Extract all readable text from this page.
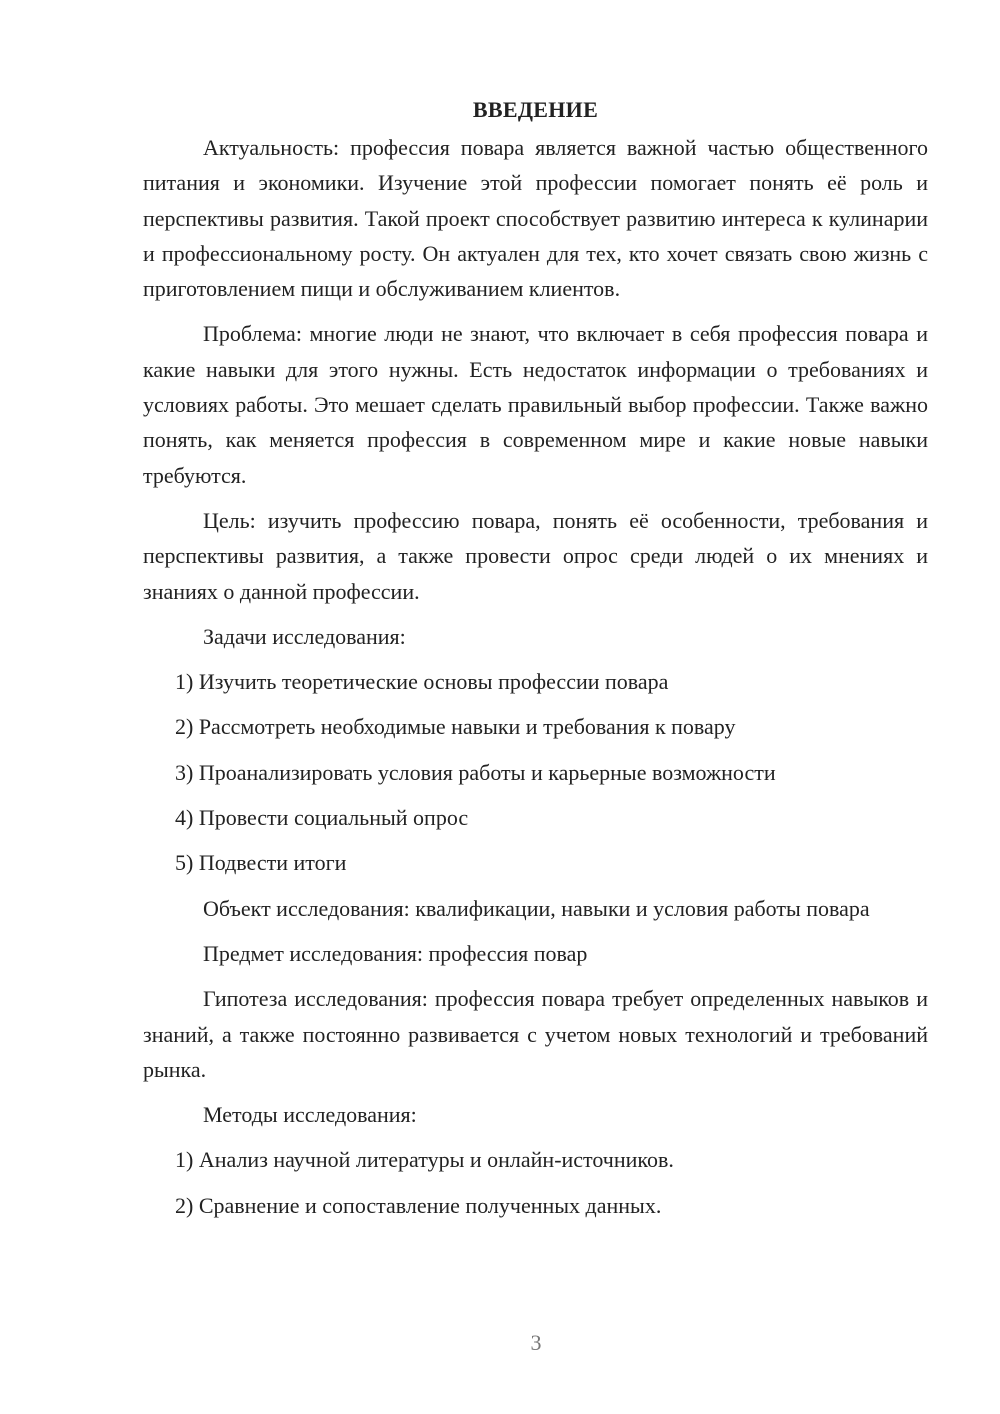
ВВЕДЕНИЕ

Актуальность: профессия повара является важной частью общественного питания и экономики. Изучение этой профессии помогает понять её роль и перспективы развития. Такой проект способствует развитию интереса к кулинарии и профессиональному росту. Он актуален для тех, кто хочет связать свою жизнь с приготовлением пищи и обслуживанием клиентов.

Проблема: многие люди не знают, что включает в себя профессия повара и какие навыки для этого нужны. Есть недостаток информации о требованиях и условиях работы. Это мешает сделать правильный выбор профессии. Также важно понять, как меняется профессия в современном мире и какие новые навыки требуются.

Цель: изучить профессию повара, понять её особенности, требования и перспективы развития, а также провести опрос среди людей о их мнениях и знаниях о данной профессии.

Задачи исследования:

1) Изучить теоретические основы профессии повара

2) Рассмотреть необходимые навыки и требования к повару

3) Проанализировать условия работы и карьерные возможности

4) Провести социальный опрос

5) Подвести итоги

Объект исследования: квалификации, навыки и условия работы повара

Предмет исследования: профессия повар

Гипотеза исследования: профессия повара требует определенных навыков и знаний, а также постоянно развивается с учетом новых технологий и требований рынка.

Методы исследования:

1) Анализ научной литературы и онлайн-источников.

2) Сравнение и сопоставление полученных данных.

3
